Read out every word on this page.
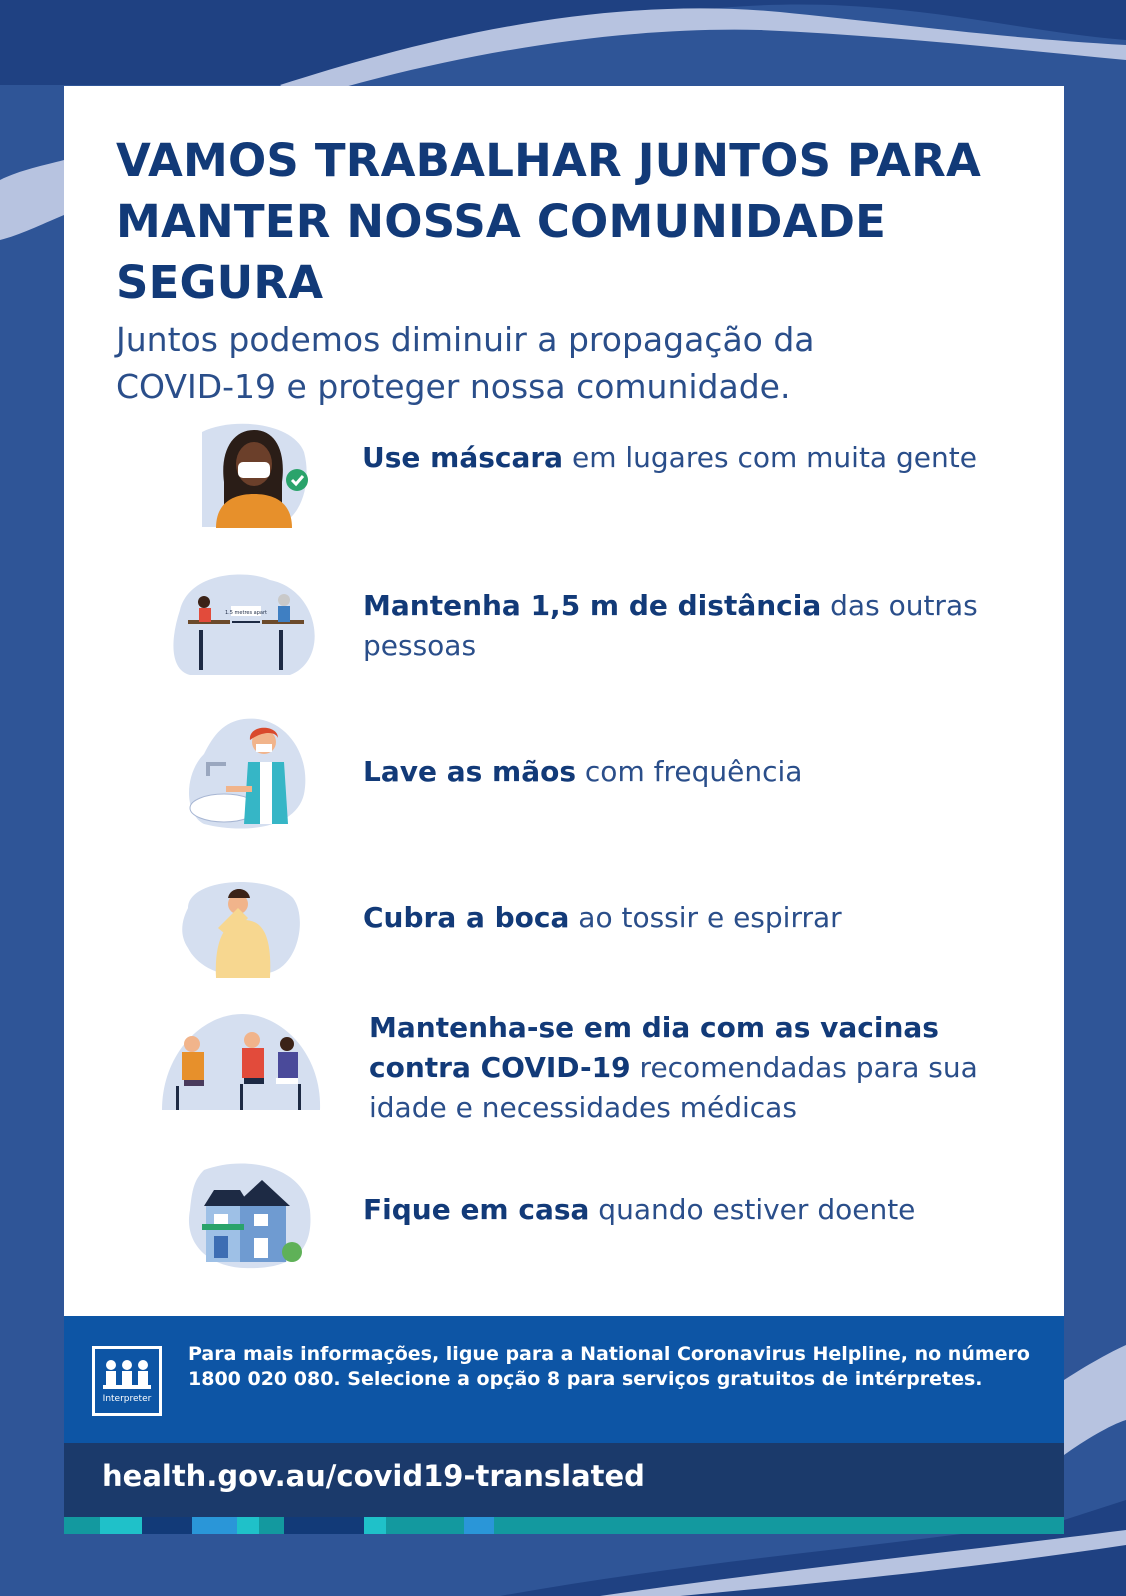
VAMOS TRABALHAR JUNTOS PARA
MANTER NOSSA COMUNIDADE
SEGURA

Juntos podemos diminuir a propagação da
COVID-19 e proteger nossa comunidade.

Use máscara em lugares com muita gente

1.5 metres apart	Mantenha 1,5 m de distância das outras pessoas

Lave as mãos com frequência

Cubra a boca ao tossir e espirrar

Mantenha-se em dia com as vacinas contra COVID-19 recomendadas para sua idade e necessidades médicas

Fique em casa quando estiver doente

Interpreter

Para mais informações, ligue para a National Coronavirus Helpline, no número 1800 020 080. Selecione a opção 8 para serviços gratuitos de intérpretes.

health.gov.au/covid19-translated
